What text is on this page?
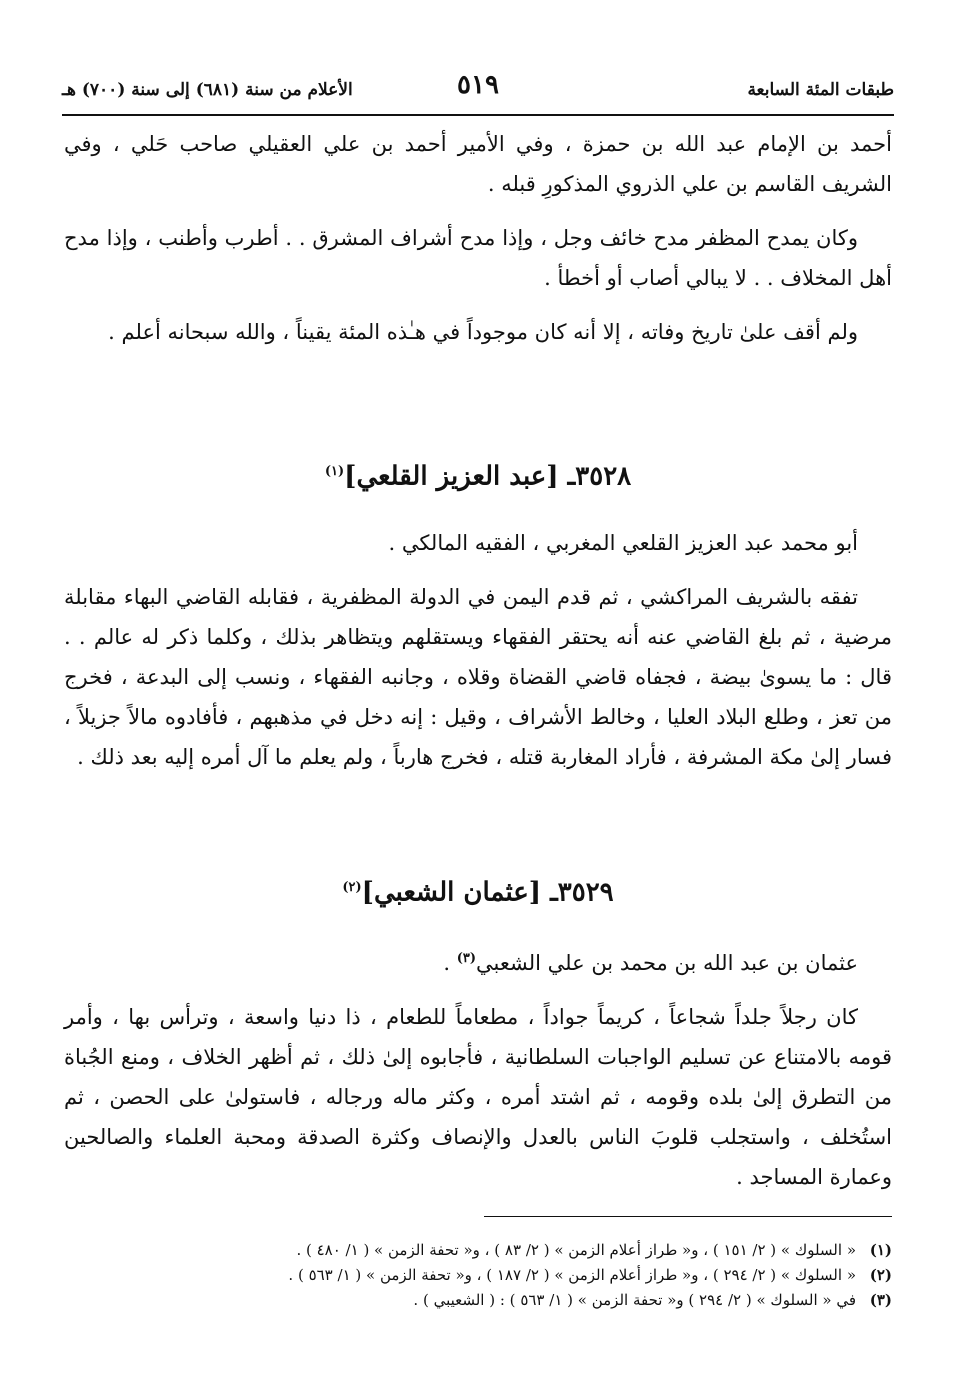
طبقات المئة السابعة
٥١٩
الأعلام من سنة (٦٨١) إلى سنة (٧٠٠) هـ

أحمد بن الإمام عبد الله بن حمزة ، وفي الأمير أحمد بن علي العقيلي صاحب حَلي ، وفي الشريف القاسم بن علي الذروي المذكورِ قبله .

وكان يمدح المظفر مدح خائف وجل ، وإذا مدح أشراف المشرق . . أطرب وأطنب ، وإذا مدح أهل المخلاف . . لا يبالي أصاب أو أخطأ .

ولم أقف علىٰ تاريخ وفاته ، إلا أنه كان موجوداً في هـٰذه المئة يقيناً ، والله سبحانه أعلم .

٣٥٢٨ـ [عبد العزيز القلعي]$^{(١)}$

أبو محمد عبد العزيز القلعي المغربي ، الفقيه المالكي .

تفقه بالشريف المراكشي ، ثم قدم اليمن في الدولة المظفرية ، فقابله القاضي البهاء مقابلة مرضية ، ثم بلغ القاضي عنه أنه يحتقر الفقهاء ويستقلهم ويتظاهر بذلك ، وكلما ذكر له عالم . . قال : ما يسوىٰ بيضة ، فجفاه قاضي القضاة وقلاه ، وجانبه الفقهاء ، ونسب إلى البدعة ، فخرج من تعز ، وطلع البلاد العليا ، وخالط الأشراف ، وقيل : إنه دخل في مذهبهم ، فأفادوه مالاً جزيلاً ، فسار إلىٰ مكة المشرفة ، فأراد المغاربة قتله ، فخرج هارباً ، ولم يعلم ما آل أمره إليه بعد ذلك .

٣٥٢٩ـ [عثمان الشعبي]$^{(٢)}$

عثمان بن عبد الله بن محمد بن علي الشعبي$^{(٣)}$ .

كان رجلاً جلداً شجاعاً ، كريماً جواداً ، مطعاماً للطعام ، ذا دنيا واسعة ، وترأس بها ، وأمر قومه بالامتناع عن تسليم الواجبات السلطانية ، فأجابوه إلىٰ ذلك ، ثم أظهر الخلاف ، ومنع الجُباة من التطرق إلىٰ بلده وقومه ، ثم اشتد أمره ، وكثر ماله ورجاله ، فاستولىٰ على الحصن ، ثم استُخلف ، واستجلب قلوبَ الناس بالعدل والإنصاف وكثرة الصدقة ومحبة العلماء والصالحين وعمارة المساجد .

(١)« السلوك » ( ٢/ ١٥١ ) ، و« طراز أعلام الزمن » ( ٢/ ٨٣ ) ، و« تحفة الزمن » ( ١/ ٤٨٠ ) .

(٢)« السلوك » ( ٢/ ٢٩٤ ) ، و« طراز أعلام الزمن » ( ٢/ ١٨٧ ) ، و« تحفة الزمن » ( ١/ ٥٦٣ ) .

(٣)في « السلوك » ( ٢/ ٢٩٤ ) و« تحفة الزمن » ( ١/ ٥٦٣ ) : ( الشعيبي ) .
